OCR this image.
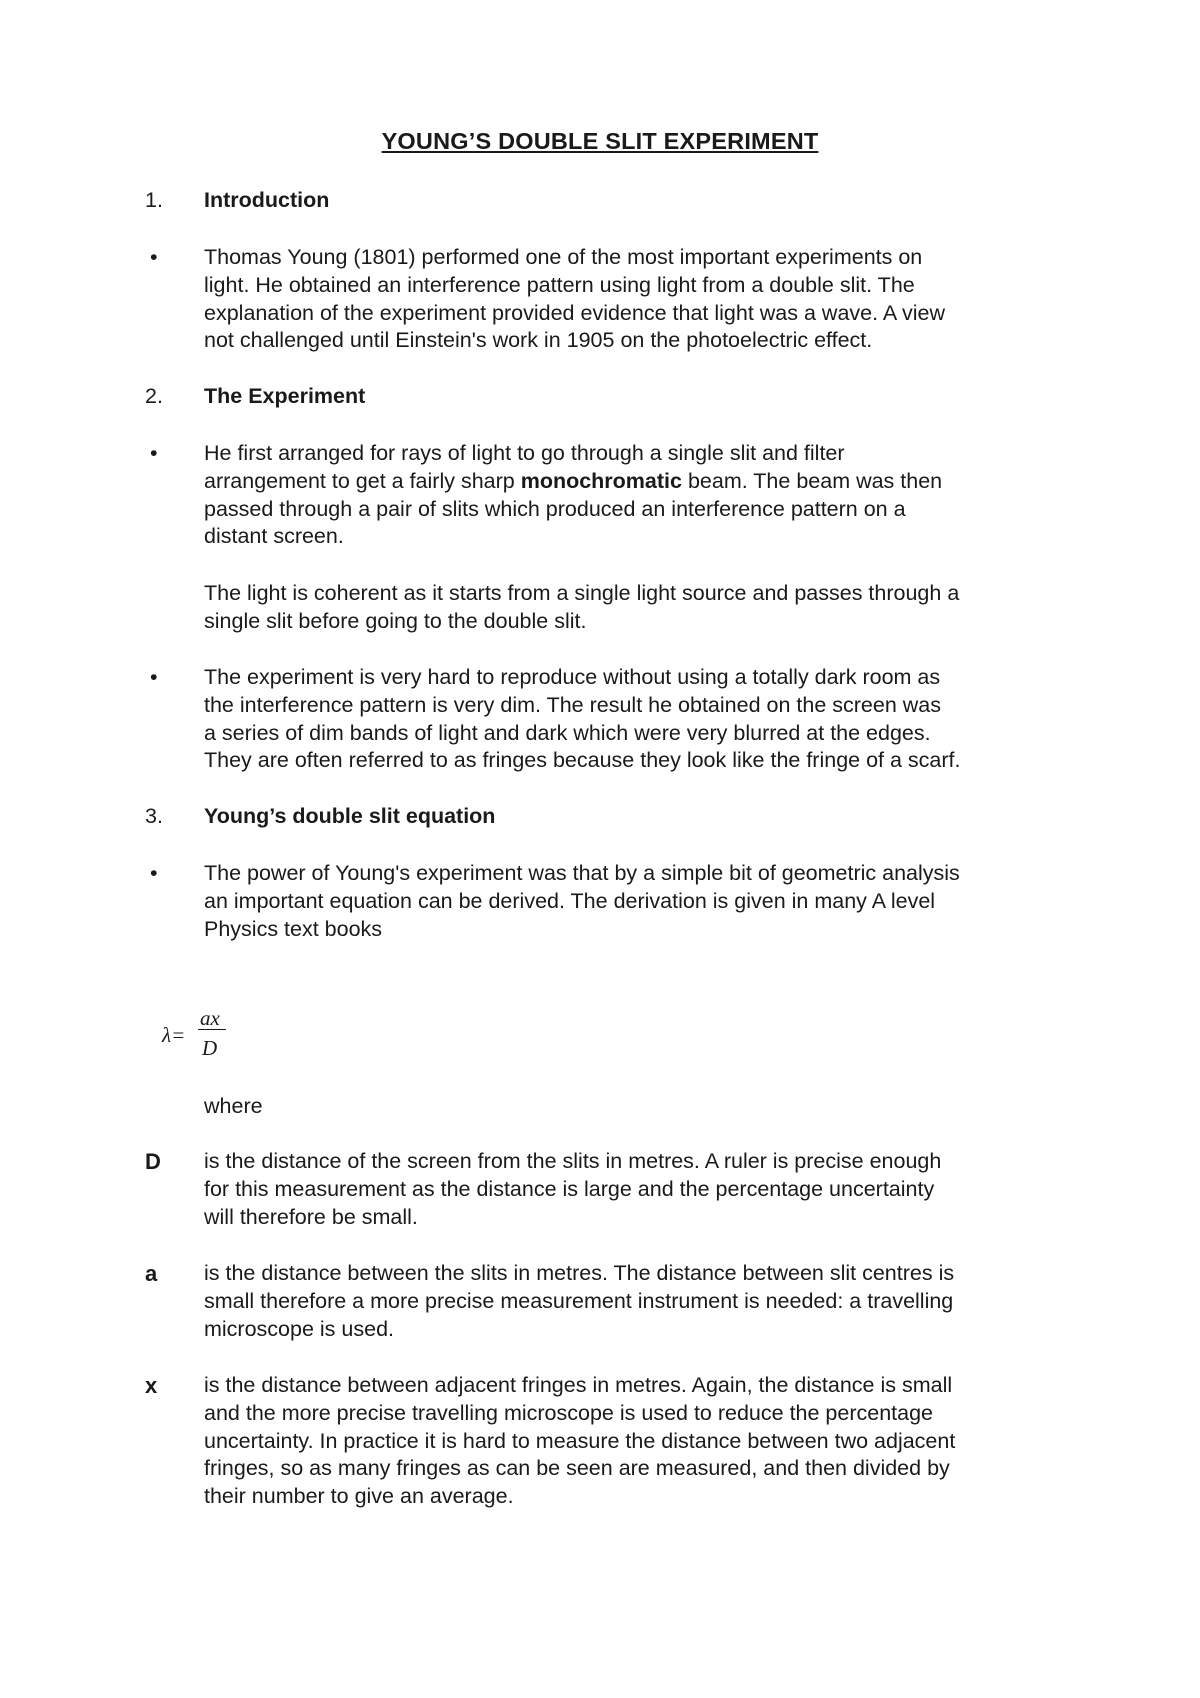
YOUNG’S DOUBLE SLIT EXPERIMENT
1. Introduction
• Thomas Young (1801) performed one of the most important experiments on
light. He obtained an interference pattern using light from a double slit. The
explanation of the experiment provided evidence that light was a wave. A view
not challenged until Einstein's work in 1905 on the photoelectric effect.
2. The Experiment
• He first arranged for rays of light to go through a single slit and filter
arrangement to get a fairly sharp monochromatic beam. The beam was then
passed through a pair of slits which produced an interference pattern on a
distant screen.
The light is coherent as it starts from a single light source and passes through a
single slit before going to the double slit.
• The experiment is very hard to reproduce without using a totally dark room as
the interference pattern is very dim. The result he obtained on the screen was
a series of dim bands of light and dark which were very blurred at the edges.
They are often referred to as fringes because they look like the fringe of a scarf.
3. Young’s double slit equation
• The power of Young's experiment was that by a simple bit of geometric analysis
an important equation can be derived. The derivation is given in many A level
Physics text books
λ=
ax
D
where
D is the distance of the screen from the slits in metres. A ruler is precise enough
for this measurement as the distance is large and the percentage uncertainty
will therefore be small.
a is the distance between the slits in metres. The distance between slit centres is
small therefore a more precise measurement instrument is needed: a travelling
microscope is used.
x is the distance between adjacent fringes in metres. Again, the distance is small
and the more precise travelling microscope is used to reduce the percentage
uncertainty. In practice it is hard to measure the distance between two adjacent
fringes, so as many fringes as can be seen are measured, and then divided by
their number to give an average.
